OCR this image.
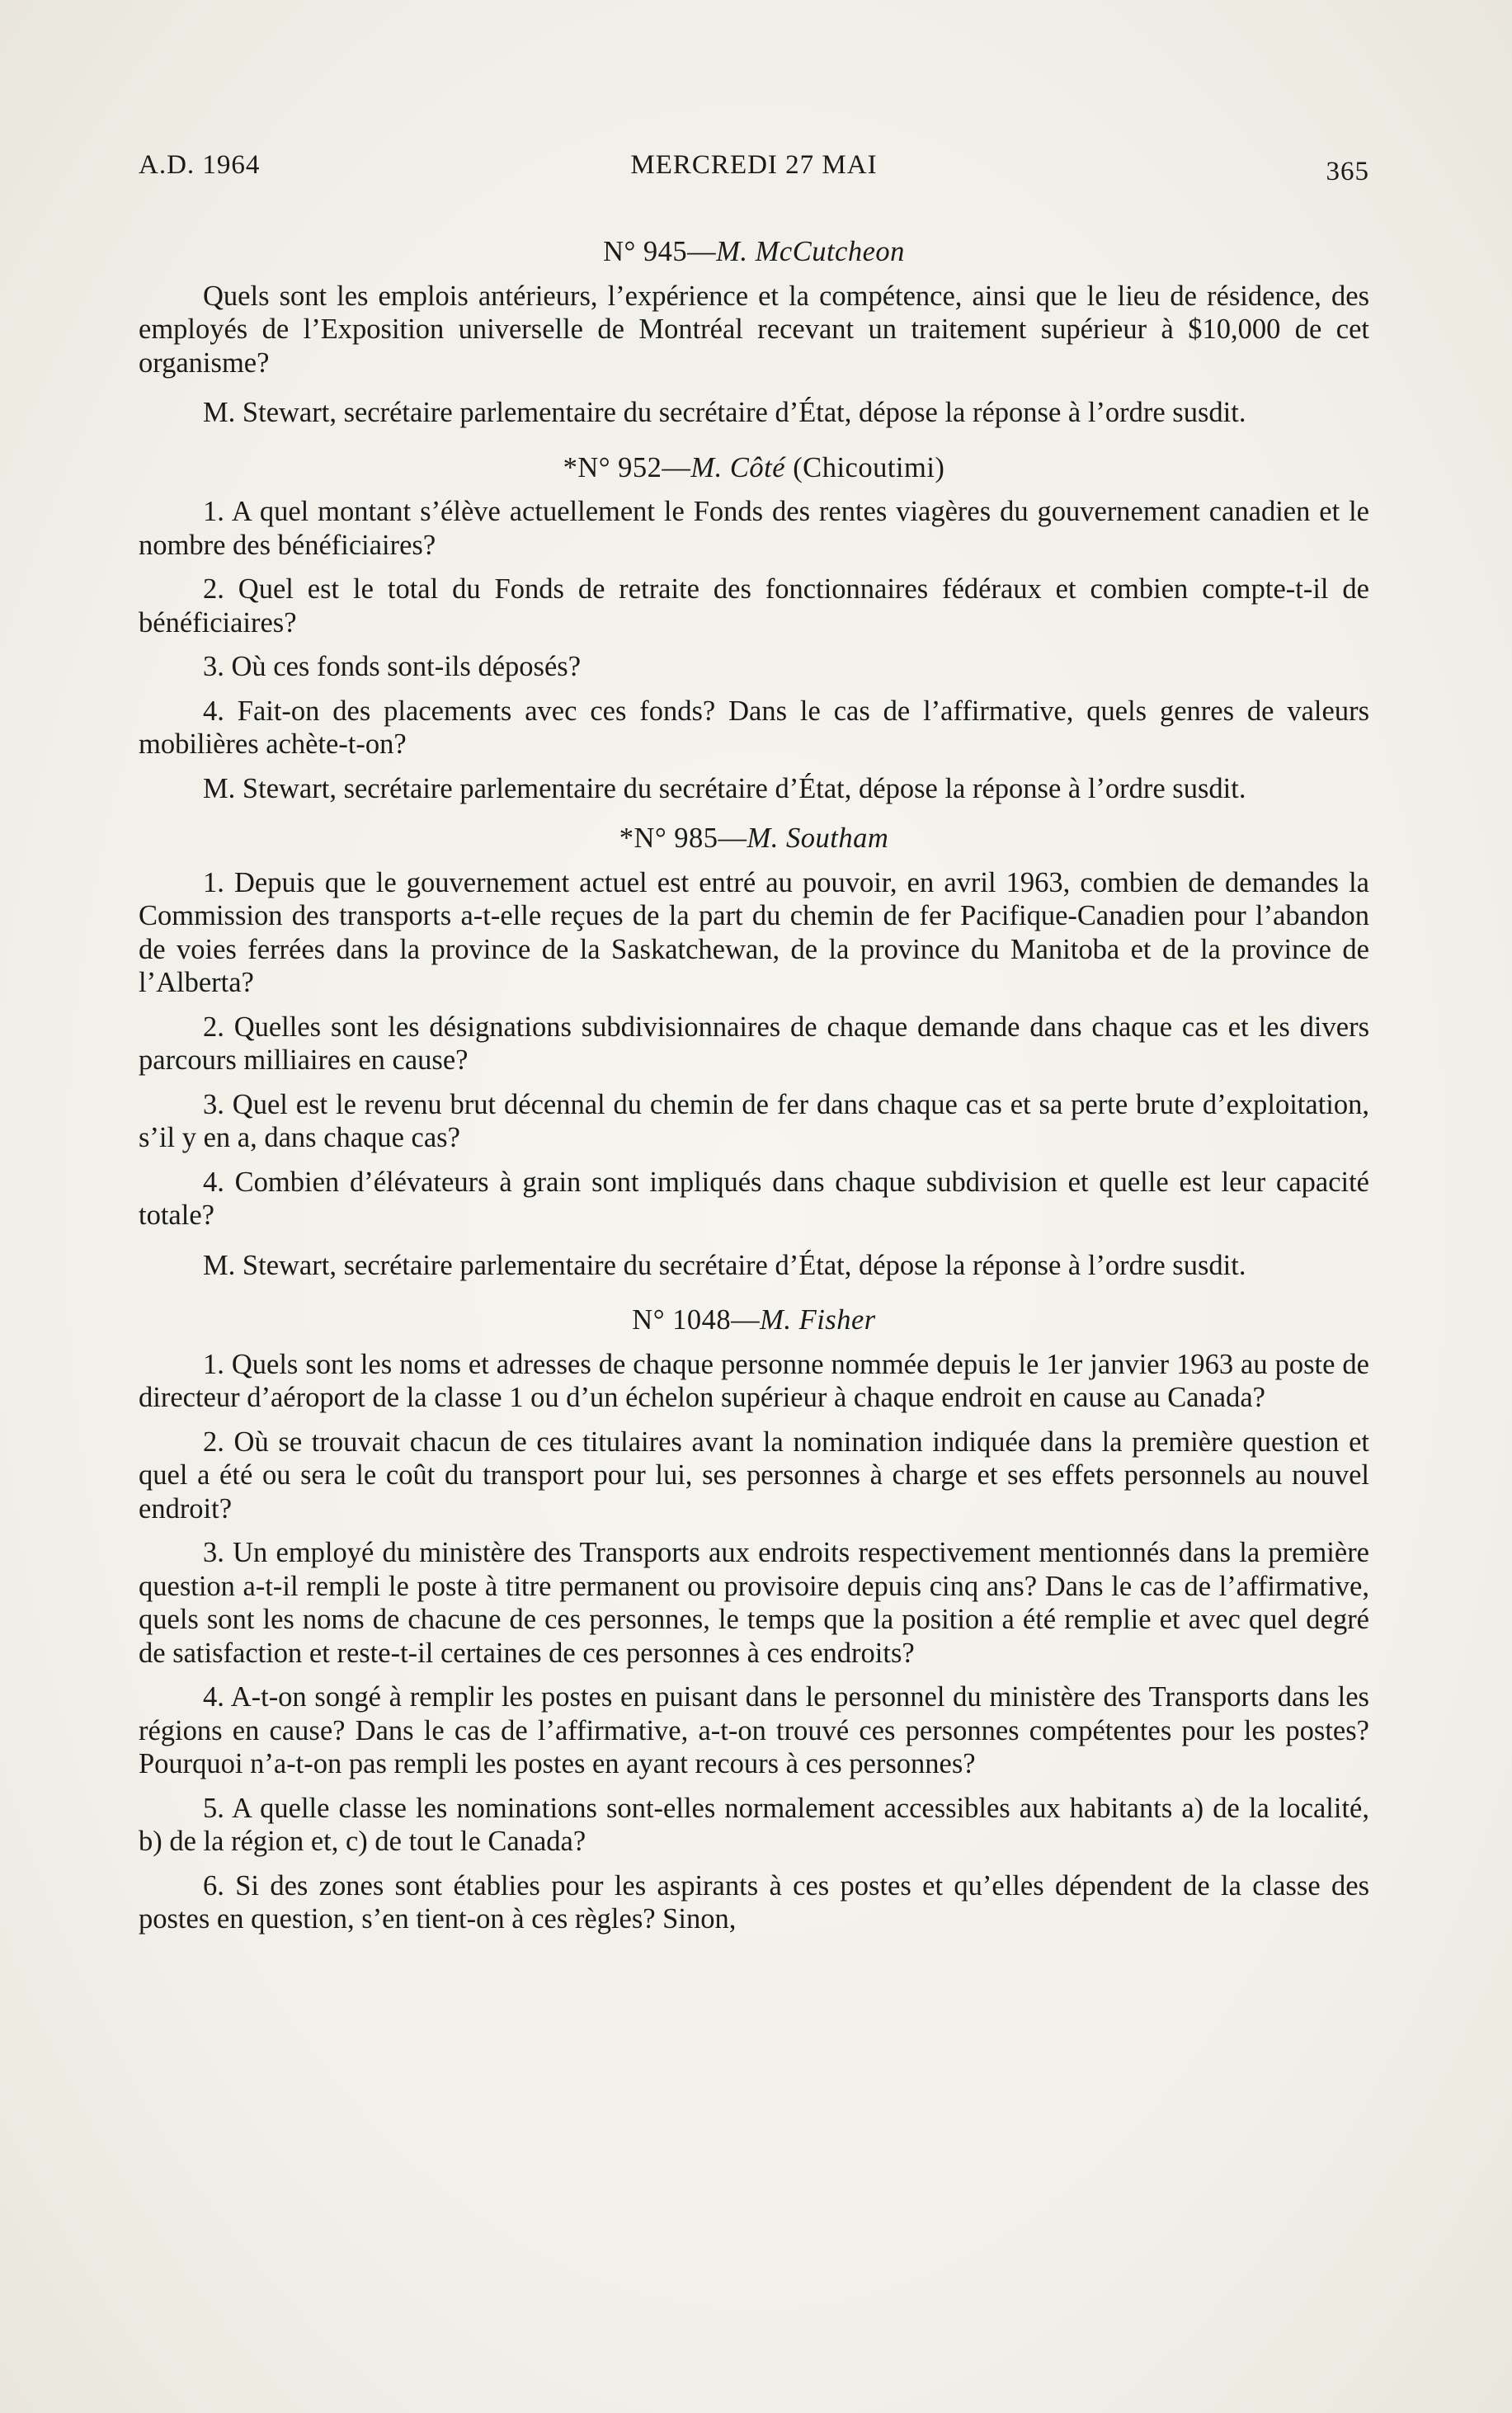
A.D. 1964	MERCREDI 27 MAI	365

N° 945—M. McCutcheon

Quels sont les emplois antérieurs, l’expérience et la compétence, ainsi que le lieu de résidence, des employés de l’Exposition universelle de Montréal recevant un traitement supérieur à $10,000 de cet organisme?

M. Stewart, secrétaire parlementaire du secrétaire d’État, dépose la réponse à l’ordre susdit.

*N° 952—M. Côté (Chicoutimi)

1. A quel montant s’élève actuellement le Fonds des rentes viagères du gouvernement canadien et le nombre des bénéficiaires?

2. Quel est le total du Fonds de retraite des fonctionnaires fédéraux et combien compte-t-il de bénéficiaires?

3. Où ces fonds sont-ils déposés?

4. Fait-on des placements avec ces fonds? Dans le cas de l’affirmative, quels genres de valeurs mobilières achète-t-on?

M. Stewart, secrétaire parlementaire du secrétaire d’État, dépose la réponse à l’ordre susdit.

*N° 985—M. Southam

1. Depuis que le gouvernement actuel est entré au pouvoir, en avril 1963, combien de demandes la Commission des transports a-t-elle reçues de la part du chemin de fer Pacifique-Canadien pour l’abandon de voies ferrées dans la province de la Saskatchewan, de la province du Manitoba et de la province de l’Alberta?

2. Quelles sont les désignations subdivisionnaires de chaque demande dans chaque cas et les divers parcours milliaires en cause?

3. Quel est le revenu brut décennal du chemin de fer dans chaque cas et sa perte brute d’exploitation, s’il y en a, dans chaque cas?

4. Combien d’élévateurs à grain sont impliqués dans chaque subdivision et quelle est leur capacité totale?

M. Stewart, secrétaire parlementaire du secrétaire d’État, dépose la réponse à l’ordre susdit.

N° 1048—M. Fisher

1. Quels sont les noms et adresses de chaque personne nommée depuis le 1er janvier 1963 au poste de directeur d’aéroport de la classe 1 ou d’un échelon supérieur à chaque endroit en cause au Canada?

2. Où se trouvait chacun de ces titulaires avant la nomination indiquée dans la première question et quel a été ou sera le coût du transport pour lui, ses personnes à charge et ses effets personnels au nouvel endroit?

3. Un employé du ministère des Transports aux endroits respectivement mentionnés dans la première question a-t-il rempli le poste à titre permanent ou provisoire depuis cinq ans? Dans le cas de l’affirmative, quels sont les noms de chacune de ces personnes, le temps que la position a été remplie et avec quel degré de satisfaction et reste-t-il certaines de ces personnes à ces endroits?

4. A-t-on songé à remplir les postes en puisant dans le personnel du ministère des Transports dans les régions en cause? Dans le cas de l’affirmative, a-t-on trouvé ces personnes compétentes pour les postes? Pourquoi n’a-t-on pas rempli les postes en ayant recours à ces personnes?

5. A quelle classe les nominations sont-elles normalement accessibles aux habitants a) de la localité, b) de la région et, c) de tout le Canada?

6. Si des zones sont établies pour les aspirants à ces postes et qu’elles dépendent de la classe des postes en question, s’en tient-on à ces règles? Sinon,
